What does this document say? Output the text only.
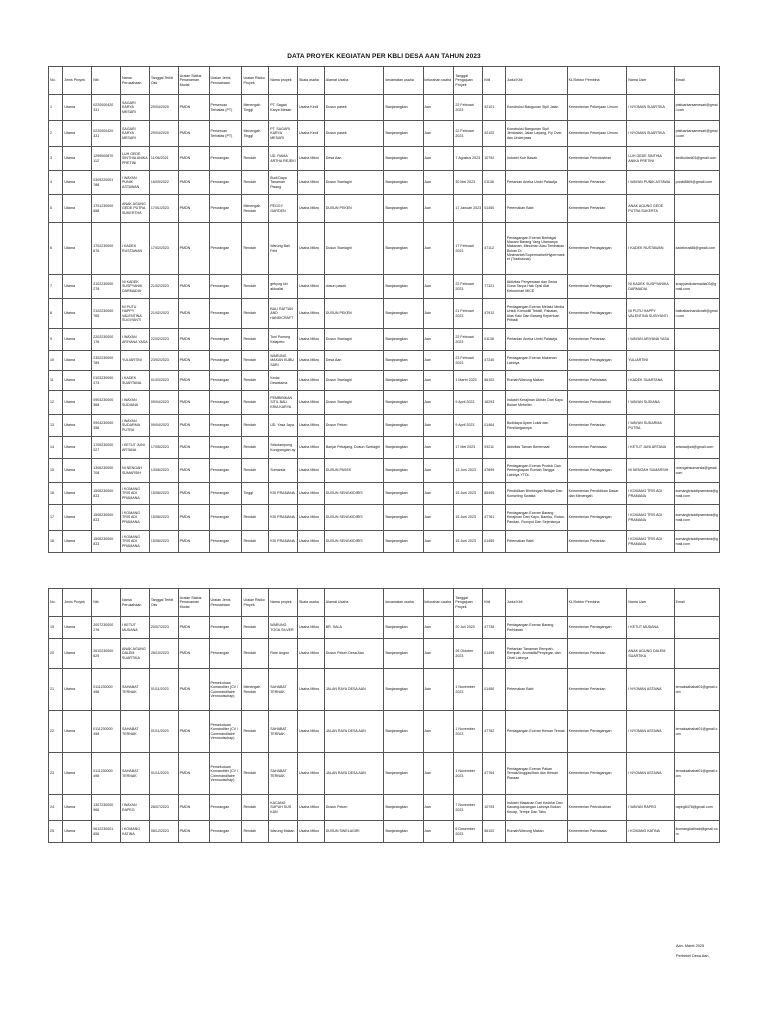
DATA PROYEK KEGIATAN PER KBLI DESA AAN TAHUN 2023
No.	Jenis Proyek	Nib	Nama Perusahaan	Tanggal Terbit Oss	Uraian Status Penanaman Modal	Uraian Jenis Perusahaan	Uraian Risiko Proyek	Nama proyek	Skala usaha	Alamat Usaha	kecamatan usaha	kelurahan usaha	Tanggal Pengajuan Proyek	Kbli	Judul Kbli	KL/Sektor Pembina	Nama User	Email
1	Utama	0220000420 331	SAGARI KARYA MESARI	29/04/2020	PMDN	Perseroan Terbatas (PT)	Menengah Tinggi	PT. Sagari Karya Mesari	Usaha Kecil	Dusun pasek	Banjarangkan	Aan	22 Februari 2023	42101	Konstruksi Bangunan Sipil Jalan	Kementerian Pekerjaan Umum	I NYOMAN SUARTIKA	ptsfuarkarsamesari@gmail.com
2	Utama	0220000420 331	SAGARI KARYA MESARI	29/04/2020	PMDN	Perseroan Terbatas (PT)	Menengah Tinggi	PT. SAGARI KARYA MESARI	Usaha Kecil	Dusun pasek	Banjarangkan	Aan	22 Februari 2023	42102	Konstruksi Bangunan Sipil Jembatan, Jalan Layang, Fly Over, dan Underpass	Kementerian Pekerjaan Umum	I NYOMAN SUARTIKA	ptsfuarkarsamesari@gmail.com
3	Utama	1299000870 112	LUH GEDE SINTHIA ANIKA PRETINI	11/06/2021	PMDN	Perorangan	Rendah	UD. RAMA ARTHA REJEKI	Usaha Mikro	Desa Aan	Banjarangkan	Aan	7 Agustus 2023	10792	Industri Kue Basah	Kementerian Perindustrian	LUH GEDE SINTHIA ANIKA PRETINI	kedikuliani03@gmail.com
4	Utama	0309220001 788	I WAYAN PUNIK ASTAWAN	16/09/2022	PMDN	Perorangan	Rendah	Budi Daya Tanaman Pisang	Usaha Mikro	Dusun Swelagiri	Banjarangkan	Aan	30 Mei 2023	01136	Pertanian Aneka Umbi Palawija	Kementerian Pertanian	I WAYAN PUNIK ASTAWA	punik8869@gmail.com
5	Utama	1701230000 658	ANAK AGUNG GEDE PUTRA SUKERTHA	17/01/2023	PMDN	Perorangan	Menengah Rendah	PEGGY GARDEN	Usaha Mikro	DUSUN PEKEN	Banjarangkan	Aan	17 Januari 2023	01450	Peternakan Babi	Kementerian Pertanian	ANAK AGUNG GEDE PUTRA SUKERTA	
6	Utama	1702230000 876	I KADEK RUSTAWAN	17/02/2023	PMDN	Perorangan	Rendah	Warung Bali Febi	Usaha Mikro	Dusun Swelagiri	Banjarangkan	Aan	17 Februari 2023	47112	Perdagangan Eceran Berbagai Macam Barang Yang Utamanya Makanan, Minuman Atau Tembakau Bukan Di Minimarket/Supermarket/Hypermarket (Tradisional)	Kementerian Perdagangan	I KADEK RUSTAWAN	kadekrust88@gmail.com
7	Utama	2102230000 278	NI KADEK SUSPYANIK DARMADIA	21/02/2023	PMDN	Perorangan	Rendah	gebyog kiri aktualisi	Usaha Mikro	dusun pasek	Banjarangkan	Aan	22 Februari 2023	77321	Aktivitas Penyewaan dan Sewa Guna Tanpa Hak Opsi Alat Kebutuhan MICE	Kementerian Perdagangan	NI KADEK SUSPYANIKA DARMADIA	suspyanikdarmadia03@gmail.com
8	Utama	2102230000 765	NI PUTU HAPPY VALENTINA SUGIYANTI	21/02/2023	PMDN	Perorangan	Rendah	BALI RATTAN AND HANDICRAFT	Usaha Mikro	DUSUN PEKEN	Banjarangkan	Aan	21 Februari 2023	47912	Perdagangan Eceran Melalui Media Untuk Komoditi Tekstil, Pakaian, Alas Kaki Dan Barang Keperluan Pribadi	Kementerian Perdagangan	NI PUTU HAPPY VALENTINA SUGIYANTI	balirattanhandicraft@gmail.com
9	Utama	2202230000 176	I WAYAN ARIYANA YASA	22/02/2023	PMDN	Perorangan	Rendah	Toni Ponseg Kelapeto	Usaha Mikro	Dusun Swelagiri	Banjarangkan	Aan	22 Februari 2023	01136	Pertanian Aneka Umbi Palawija	Kementerian Pertanian	I WAYAN ARIYANA YASA	
10	Utama	2302230000 789	YULIARTINI	23/02/2023	PMDN	Perorangan	Rendah	WARUNG MAKAN KUBU SARI	Usaha Mikro	Desa Aan	Banjarangkan	Aan	23 Februari 2023	47240	Perdagangan Eceran Makanan Lainnya	Kementerian Perdagangan	YULIARTINI	
11	Utama	0103230000 473	I KADEK SUARTANA	01/03/2023	PMDN	Perorangan	Rendah	Kedai Dewatama	Usaha Mikro	Dusun Swelagiri	Banjarangkan	Aan	1 Maret 2023	56102	Rumah/Warung Makan	Kementerian Pariwisata	I KADEK SUARTANA	
12	Utama	0904230000 368	I WAYAN SUDIANA	09/04/2023	PMDN	Perorangan	Rendah	PEMBIBIKAN SITIL BALI KRIA KARYA	Usaha Mikro	Dusun Swelagiri	Banjarangkan	Aan	9 April 2023	16293	Industri Kerajinan Ukiran Dari Kayu Bukan Mebeller	Kementerian Perindustrian	I WAYAN SUDIANA	
13	Utama	0904230000 398	I WAYAN SUDARMA PUTRA	09/04/2023	PMDN	Perorangan	Rendah	UD. Yasa Jaya	Usaha Mikro	Dusun Peken	Banjarangkan	Aan	9 April 2023	01464	Budidaya Ayam Lokal dan Persilangannya	Kementerian Pertanian	I WAYAN SUDARMA PUTRA	
14	Utama	1705230000 027	I KETUT JUNI ARTANA	17/05/2023	PMDN	Perorangan	Rendah	Sekolampung Kongrangian ay	Usaha Mikro	Banjar Pekajang, Dusun Swelagiri	Banjarangkan	Aan	17 Mei 2023	93211	Aktivitas Taman Bertemaat	Kementerian Pariwisata	I KETUT JUNI ARTANA	artanadjuni@gmail.com
15	Utama	1306230000 708	NI NENGAH SUMARSIH	13/06/2023	PMDN	Perorangan	Rendah	Sumarsia	Usaha Mikro	DUSUN PASEK	Banjarangkan	Aan	13 Juni 2023	47899	Perdagangan Eceran Produk Dan Perlengkapan Rumah Tangga Lainnya YTDL	Kementerian Perdagangan	NI NENGAH SUMARSIH	nnengahsumarsia@gmail.com
16	Utama	1506230000 833	I KOMANG TRIS ADI PRAMANA	15/06/2023	PMDN	Perorangan	Tinggi	KDI PRAMANA	Usaha Mikro	DUSUN SENGKIDIRIS	Banjarangkan	Aan	15 Juni 2023	85495	Pendidikan Bimbingan Belajar Dan Konseling Swasta	Kementerian Pendidikan Dasar dan Menengah	I KOMANG TRIS ADI PRAMANA	komangtrisadipramana@gmail.com
17	Utama	1506230000 833	I KOMANG TRIS ADI PRAMANA	15/06/2023	PMDN	Perorangan	Rendah	KDI PRAMANA	Usaha Mikro	DUSUN SENGKIDIRIS	Banjarangkan	Aan	15 Juni 2023	47761	Perdagangan Eceran Barang Kerajinan Dari Kayu, Bambu, Rotan, Pandan, Rumput Dan Sejenisnya	Kementerian Perdagangan	I KOMANG TRIS ADI PRAMANA	komangtrisadipramana@gmail.com
18	Utama	1506230000 833	I KOMANG TRIS ADI PRAMANA	15/06/2023	PMDN	Perorangan	Rendah	KDI PRAMANA	Usaha Mikro	DUSUN SENGKIDIRIS	Banjarangkan	Aan	15 Juni 2023	01450	Peternakan Babi	Kementerian Pertanian	I KOMANG TRIS ADI PRAMANA	komangtrisadipramana@gmail.com
No.	Jenis Proyek	Nib	Nama Perusahaan	Tanggal Terbit Oss	Uraian Status Penanaman Modal	Uraian Jenis Perusahaan	Uraian Risiko Proyek	Nama proyek	Skala usaha	Alamat Usaha	kecamatan usaha	kelurahan usaha	Tanggal Pengajuan Proyek	Kbli	Judul Kbli	KL/Sektor Pembina	Nama User	Email
19	Utama	2007230000 276	I KETUT MUDANA	20/07/2023	PMDN	Perorangan	Rendah	WARUNG TOGA SILVER	Usaha Mikro	BR. SALA	Banjarangkan	Aan	20 Juli 2023	47736	Perdagangan Eceran Barang Perhiasan	Kementerian Perdagangan	I KETUT MUDANA	
20	Utama	2610230000 629	ANAK AGUNG DALEM SUARTIKA	26/10/2023	PMDN	Perorangan	Rendah	Rare Angon	Usaha Mikro	Dusun Peken Desa Aan	Banjarangkan	Aan	26 Oktober 2023	01499	Pertanian Tanaman Rempah-Rempah, Aromatik/Penyegar, dan Obat Lainnya	Kementerian Pertanian	ANAK AGUNG DALEM SUARTIKA	
21	Utama	0111230000 498	SAHABAT TERNAK	01/11/2023	PMDN	Persekutuan Komanditer (CV / Commanditaire Vennootschap)	Menengah Rendah	SAHABAT TERNAK	Usaha Mikro	JALAN RAYA DESA AAN	Banjarangkan	Aan	1 November 2023	01450	Peternakan Babi	Kementerian Pertanian	I NYOMAN ASTAWA	ternaksahabat01@gmail.com
22	Utama	0111230000 498	SAHABAT TERNAK	01/11/2023	PMDN	Persekutuan Komanditer (CV / Commanditaire Vennootschap)	Rendah	SAHABAT TERNAK	Usaha Mikro	JALAN RAYA DESA AAN	Banjarangkan	Aan	1 November 2023	47762	Perdagangan Eceran Hewan Ternak	Kementerian Perdagangan	I NYOMAN ASTAWA	ternaksahabat01@gmail.com
23	Utama	0111230000 498	SAHABAT TERNAK	01/11/2023	PMDN	Persekutuan Komanditer (CV / Commanditaire Vennootschap)	Rendah	SAHABAT TERNAK	Usaha Mikro	JALAN RAYA DESA AAN	Banjarangkan	Aan	1 November 2023	47764	Perdagangan Eceran Pakan Ternak/Unggas/Ikan dan Hewan Piaraan	Kementerian Perdagangan	I NYOMAN ASTAWA	ternaksahabat01@gmail.com
24	Utama	1307230000 966	I WAYAN RAPEG	28/07/2023	PMDN	Perorangan	Rendah	KACANG SUPUH SUS KAN	Usaha Mikro	Dusun Peken	Banjarangkan	Aan	7 November 2023	10793	Industri Makanan Dari Kedelai Dan Kacang-kacangan Lainnya Bukan Kecap, Tempe Dan Tahu	Kementerian Perindustrian	I WAYAN RAPEG	rapeg8478@gmail.com
25	Utama	0612230001 656	I KOMANG KATINA	06/12/2023	PMDN	Perorangan	Rendah	Warung Makan	Usaha Mikro	DUSUN SWELAGIRI	Banjarangkan	Aan	6 Desember 2023	56102	Rumah/Warung Makan	Kementerian Pariwisata	I KOMANG KATINA	ikomangkatinab@gmail.com
Aan, Maret 2025
Perbekel Desa Aan,
